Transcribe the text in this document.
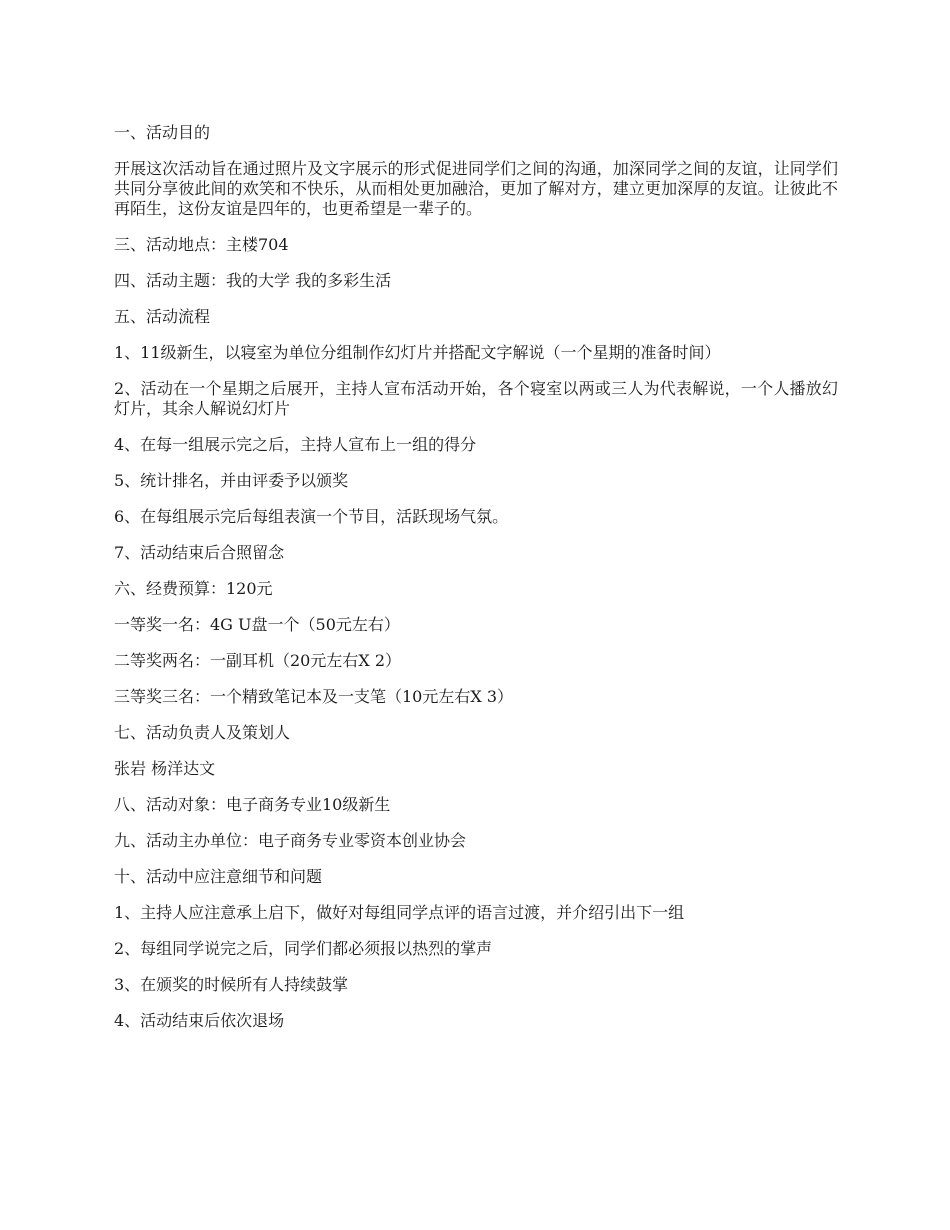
一、活动目的

开展这次活动旨在通过照片及文字展示的形式促进同学们之间的沟通，加深同学之间的友谊，让同学们共同分享彼此间的欢笑和不快乐，从而相处更加融洽，更加了解对方，建立更加深厚的友谊。让彼此不再陌生，这份友谊是四年的，也更希望是一辈子的。

三、活动地点：主楼704

四、活动主题：我的大学 我的多彩生活

五、活动流程

1、11级新生，以寝室为单位分组制作幻灯片并搭配文字解说（一个星期的准备时间）

2、活动在一个星期之后展开，主持人宣布活动开始，各个寝室以两或三人为代表解说，一个人播放幻灯片，其余人解说幻灯片

4、在每一组展示完之后，主持人宣布上一组的得分

5、统计排名，并由评委予以颁奖

6、在每组展示完后每组表演一个节目，活跃现场气氛。

7、活动结束后合照留念

六、经费预算：120元

一等奖一名：4G U盘一个（50元左右）

二等奖两名：一副耳机（20元左右X 2）

三等奖三名：一个精致笔记本及一支笔（10元左右X 3）

七、活动负责人及策划人

张岩 杨洋达文

八、活动对象：电子商务专业10级新生

九、活动主办单位：电子商务专业零资本创业协会

十、活动中应注意细节和问题

1、主持人应注意承上启下，做好对每组同学点评的语言过渡，并介绍引出下一组

2、每组同学说完之后，同学们都必须报以热烈的掌声

3、在颁奖的时候所有人持续鼓掌

4、活动结束后依次退场
